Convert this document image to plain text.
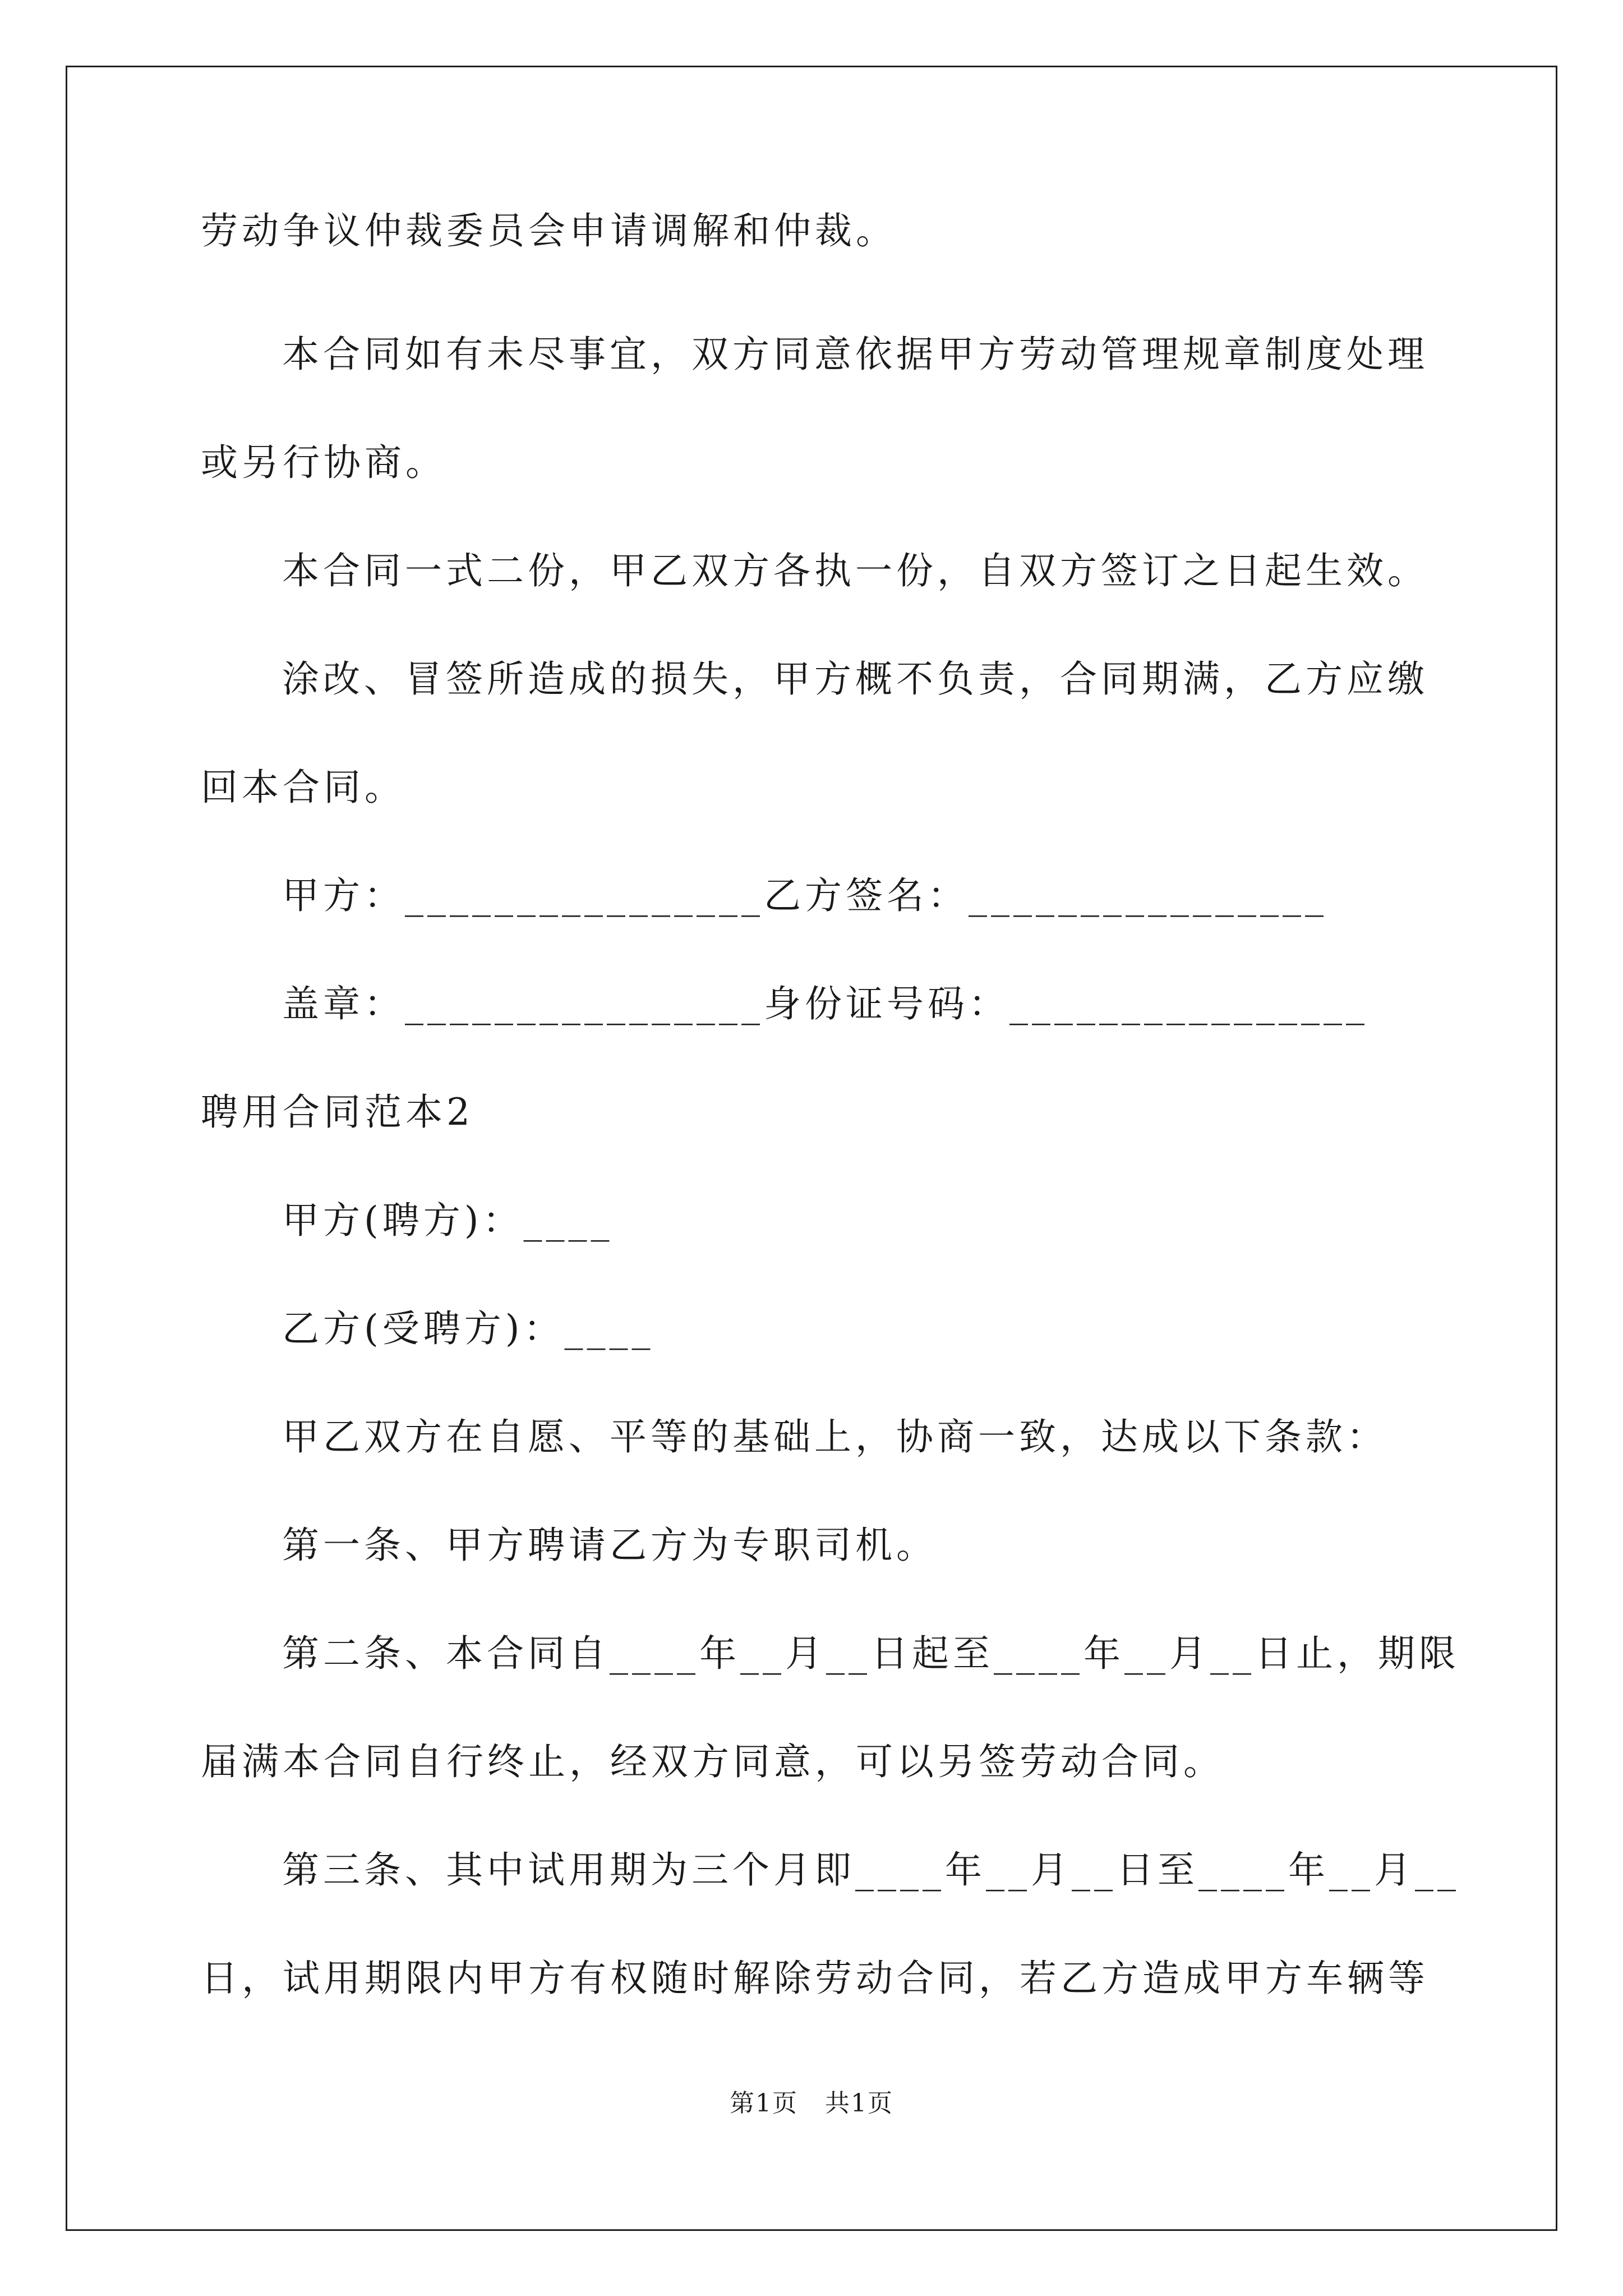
劳动争议仲裁委员会申请调解和仲裁。
本合同如有未尽事宜，双方同意依据甲方劳动管理规章制度处理
或另行协商。
本合同一式二份，甲乙双方各执一份，自双方签订之日起生效。
涂改、冒签所造成的损失，甲方概不负责，合同期满，乙方应缴
回本合同。
甲方：________________乙方签名：________________
盖章：________________身份证号码：________________
聘用合同范本2
甲方(聘方)：____
乙方(受聘方)：____
甲乙双方在自愿、平等的基础上，协商一致，达成以下条款：
第一条、甲方聘请乙方为专职司机。
第二条、本合同自____年__月__日起至____年__月__日止，期限
届满本合同自行终止，经双方同意，可以另签劳动合同。
第三条、其中试用期为三个月即____年__月__日至____年__月__
日，试用期限内甲方有权随时解除劳动合同，若乙方造成甲方车辆等
第1页   共1页
